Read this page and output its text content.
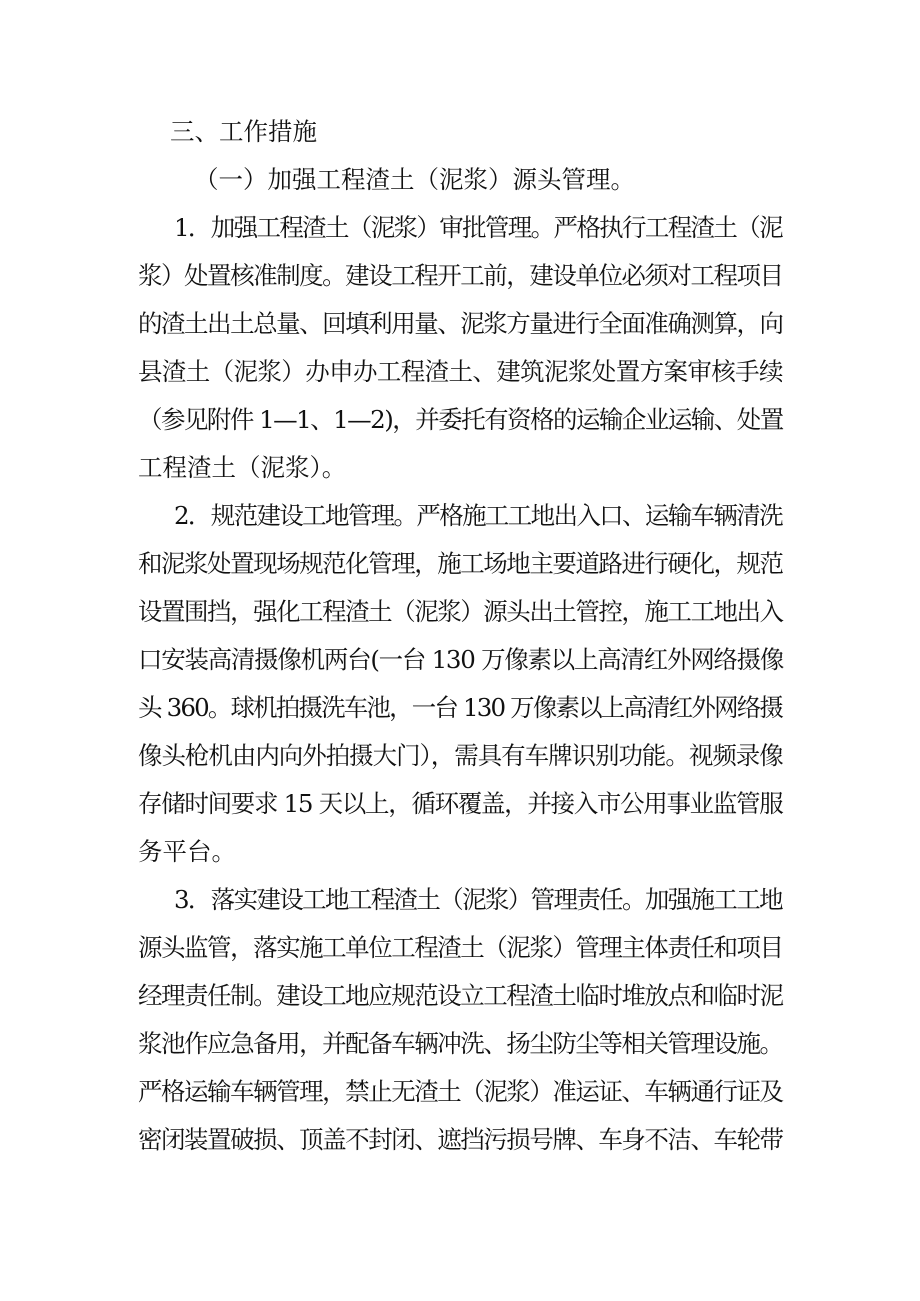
三、工作措施
（一）加强工程渣土（泥浆）源头管理。
1．加强工程渣土（泥浆）审批管理。严格执行工程渣土（泥
浆）处置核准制度。建设工程开工前，建设单位必须对工程项目
的渣土出土总量、回填利用量、泥浆方量进行全面准确测算，向
县渣土（泥浆）办申办工程渣土、建筑泥浆处置方案审核手续
（参见附件 1—1、1—2)，并委托有资格的运输企业运输、处置
工程渣土（泥浆）。
2．规范建设工地管理。严格施工工地出入口、运输车辆清洗
和泥浆处置现场规范化管理，施工场地主要道路进行硬化，规范
设置围挡，强化工程渣土（泥浆）源头出土管控，施工工地出入
口安装高清摄像机两台(一台 130 万像素以上高清红外网络摄像
头 360。球机拍摄洗车池，一台 130 万像素以上高清红外网络摄
像头枪机由内向外拍摄大门），需具有车牌识别功能。视频录像
存储时间要求 15 天以上，循环覆盖，并接入市公用事业监管服
务平台。
3．落实建设工地工程渣土（泥浆）管理责任。加强施工工地
源头监管，落实施工单位工程渣土（泥浆）管理主体责任和项目
经理责任制。建设工地应规范设立工程渣土临时堆放点和临时泥
浆池作应急备用，并配备车辆冲洗、扬尘防尘等相关管理设施。
严格运输车辆管理，禁止无渣土（泥浆）准运证、车辆通行证及
密闭装置破损、顶盖不封闭、遮挡污损号牌、车身不洁、车轮带
